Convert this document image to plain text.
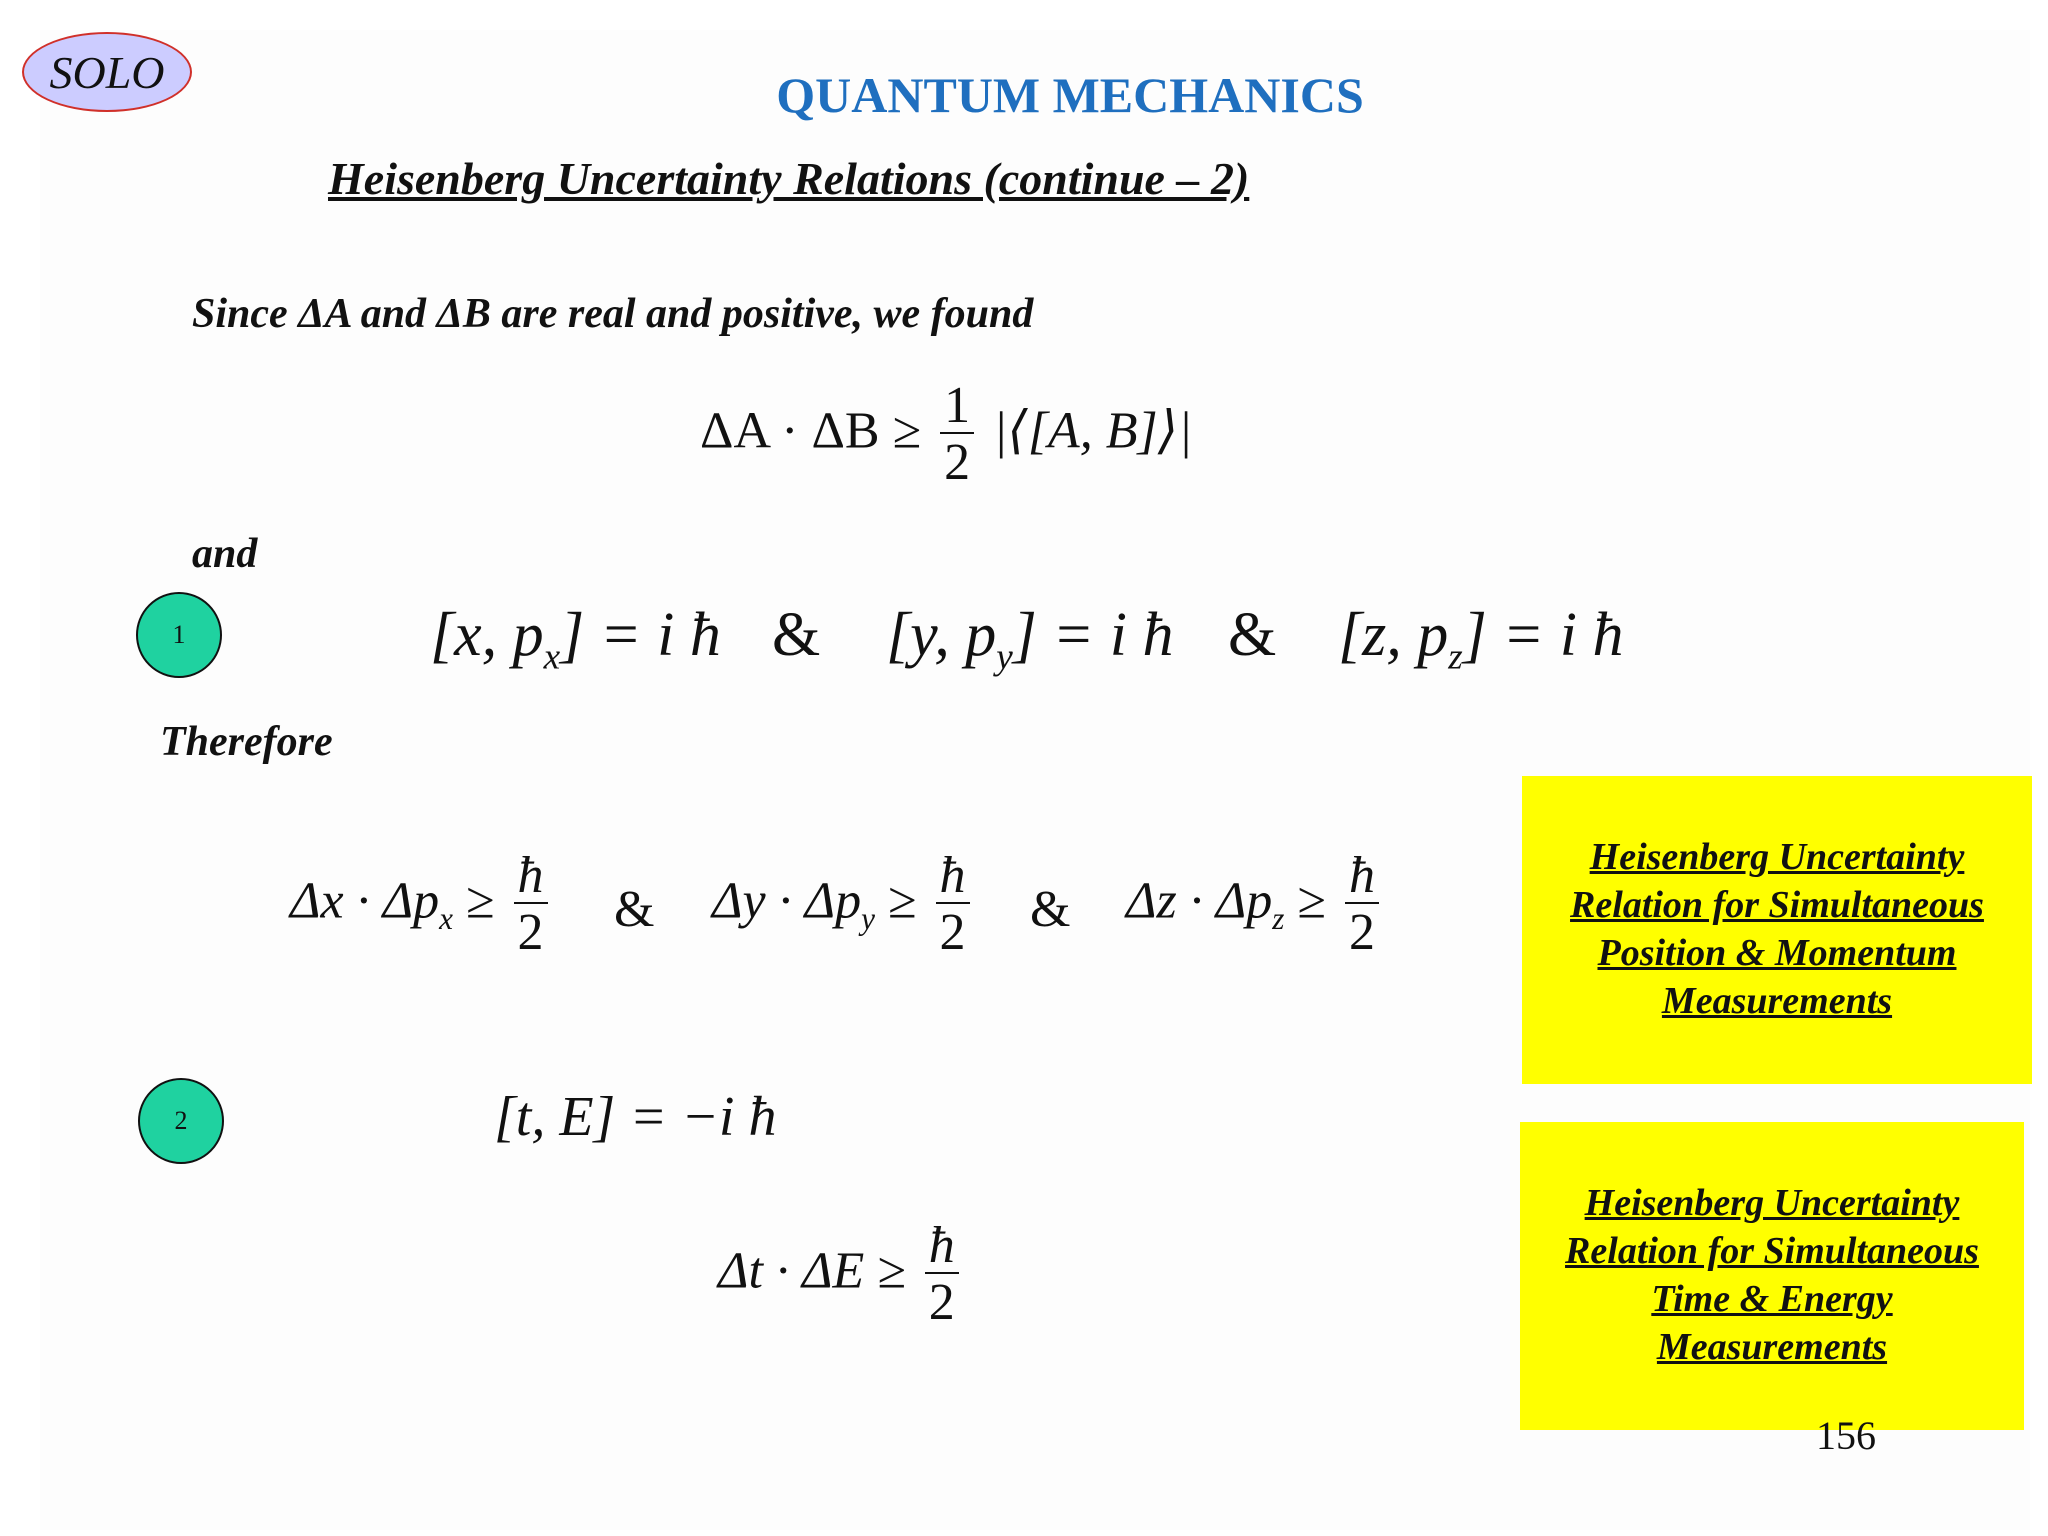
SOLO	QUANTUM MECHANICS
Heisenberg Uncertainty Relations (continue – 2)
Since ΔA and ΔB are real and positive, we found
$\Delta A \cdot \Delta B \ge \frac{1}{2}$ |⟨[A, B]⟩|
and
1	[x, $p_x] = i$ ħ & [y, $p_y] = i$ ħ & [z, $p_z] = i$ ħ
Therefore
$\Delta x \cdot \Delta p_x \ge \frac{ħ}{2}$ & $\Delta y \cdot \Delta p_y \ge \frac{ħ}{2}$ & $\Delta z \cdot \Delta p_z \ge \frac{ħ}{2}$	Heisenberg Uncertainty
Relation for Simultaneous
Position & Momentum
Measurements
2	[t, E] = −i ħ
$\Delta t \cdot \Delta E \ge \frac{ħ}{2}$
Heisenberg Uncertainty
Relation for Simultaneous
Time & Energy
Measurements
156
